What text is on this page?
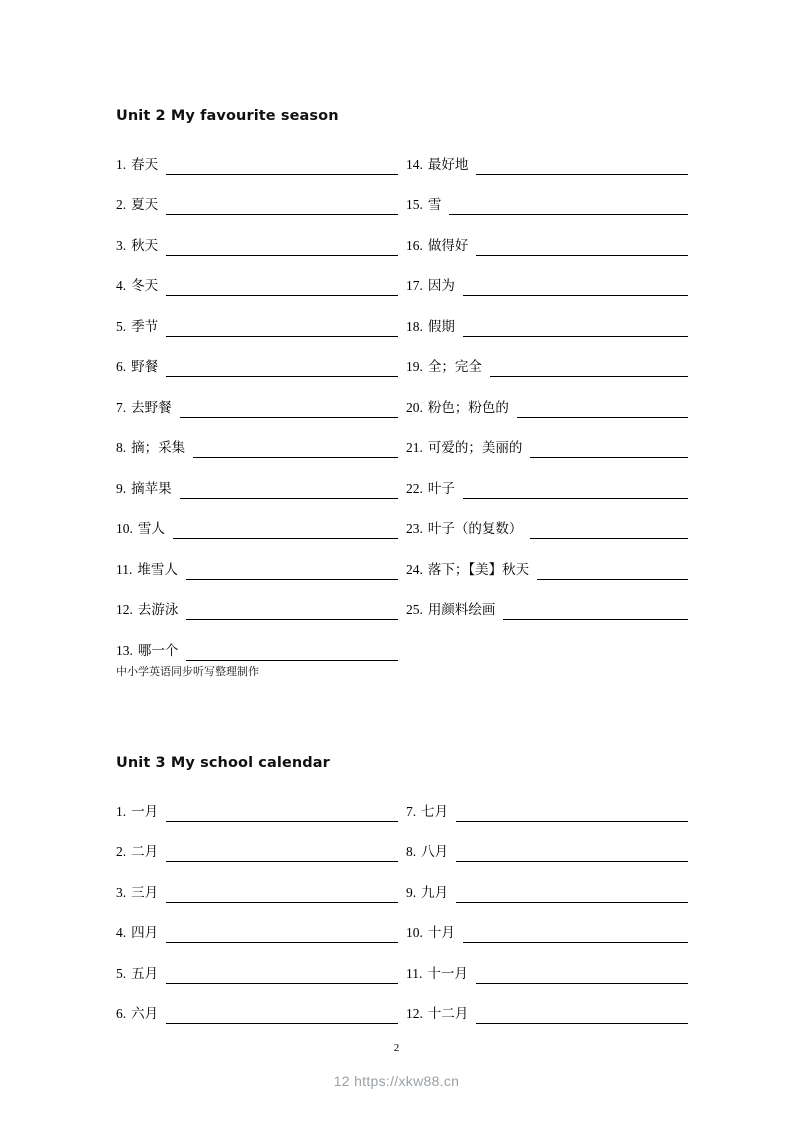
Unit 2 My favourite season
1. 春天
2. 夏天
3. 秋天
4. 冬天
5. 季节
6. 野餐
7. 去野餐
8. 摘；采集
9. 摘苹果
10. 雪人
11. 堆雪人
12. 去游泳
13. 哪一个
中小学英语同步听写整理制作
14. 最好地
15. 雪
16. 做得好
17. 因为
18. 假期
19. 全；完全
20. 粉色；粉色的
21. 可爱的；美丽的
22. 叶子
23. 叶子（的复数）
24. 落下；【美】秋天
25. 用颜料绘画
Unit 3 My school calendar
1. 一月
2. 二月
3. 三月
4. 四月
5. 五月
6. 六月
7. 七月
8. 八月
9. 九月
10. 十月
11. 十一月
12. 十二月
2
12 https://xkw88.cn
